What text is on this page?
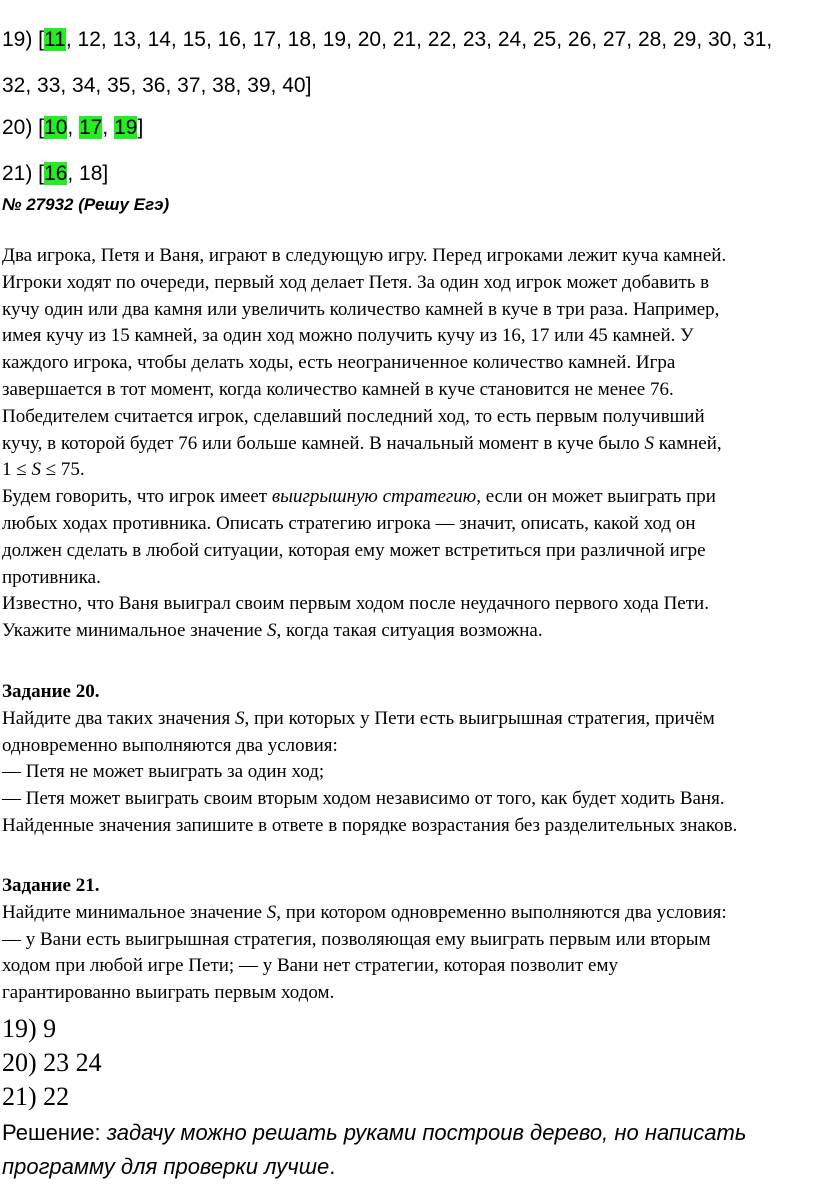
19) [11, 12, 13, 14, 15, 16, 17, 18, 19, 20, 21, 22, 23, 24, 25, 26, 27, 28, 29, 30, 31,
32, 33, 34, 35, 36, 37, 38, 39, 40]
20) [10, 17, 19]
21) [16, 18]
№ 27932 (Решу Егэ)
Два игрока, Петя и Ваня, играют в следующую игру. Перед игроками лежит куча камней.
Игроки ходят по очереди, первый ход делает Петя. За один ход игрок может добавить в
кучу один или два камня или увеличить количество камней в куче в три раза. Например,
имея кучу из 15 камней, за один ход можно получить кучу из 16, 17 или 45 камней. У
каждого игрока, чтобы делать ходы, есть неограниченное количество камней. Игра
завершается в тот момент, когда количество камней в куче становится не менее 76.
Победителем считается игрок, сделавший последний ход, то есть первым получивший
кучу, в которой будет 76 или больше камней. В начальный момент в куче было S камней,
1 ≤ S ≤ 75.
Будем говорить, что игрок имеет выигрышную стратегию, если он может выиграть при
любых ходах противника. Описать стратегию игрока — значит, описать, какой ход он
должен сделать в любой ситуации, которая ему может встретиться при различной игре
противника.
Известно, что Ваня выиграл своим первым ходом после неудачного первого хода Пети.
Укажите минимальное значение S, когда такая ситуация возможна.
Задание 20.
Найдите два таких значения S, при которых у Пети есть выигрышная стратегия, причём
одновременно выполняются два условия:
— Петя не может выиграть за один ход;
— Петя может выиграть своим вторым ходом независимо от того, как будет ходить Ваня.
Найденные значения запишите в ответе в порядке возрастания без разделительных знаков.
Задание 21.
Найдите минимальное значение S, при котором одновременно выполняются два условия:
— у Вани есть выигрышная стратегия, позволяющая ему выиграть первым или вторым
ходом при любой игре Пети; — у Вани нет стратегии, которая позволит ему
гарантированно выиграть первым ходом.
19) 9
20) 23 24
21) 22
Решение: задачу можно решать руками построив дерево, но написать
программу для проверки лучше.
